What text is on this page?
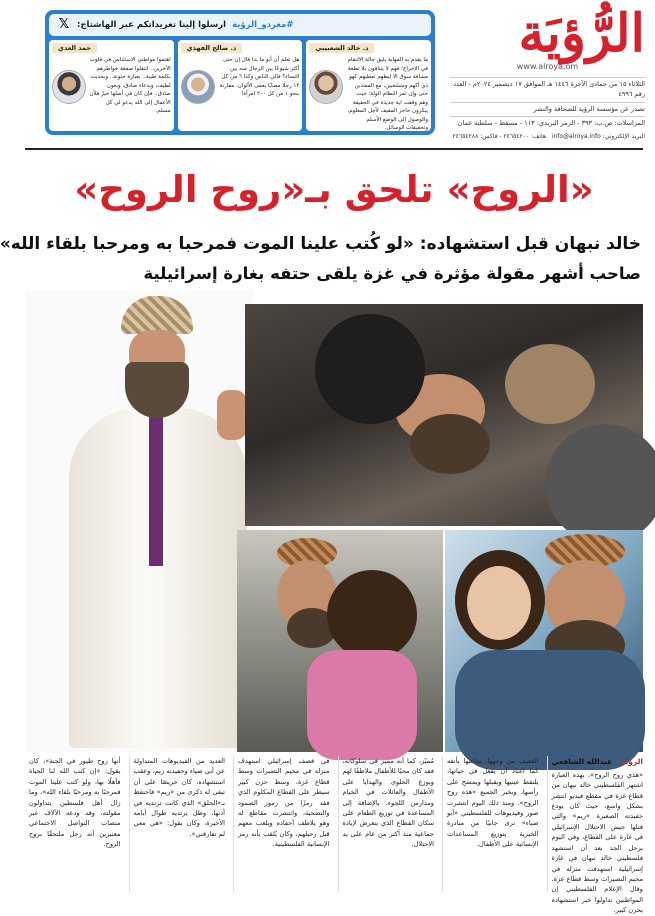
الرُّؤيَة
www.alroya.om
الثلاثاء ١٥ من جمادى الآخرة ١٤٤٦ هـ الموافق ١٧ ديسمبر ٢٠٢٤م - العدد رقم ٤٩٩٦
تصدر عن مؤسسة الرؤية للصحافة والنشر
المراسلات: ص.ب: ٣٩٣ - الرمز البريدي: ١١٣ - مسقط - سلطنة عمان
البريد الإلكتروني: info@alroya.info   هاتف: ٢٤٦٥٤٢٠٠ - فاكس: ٢٤٦٥٤٢٨٨
#مغردو_الرؤية
ارسلوا إلينا تغريداتكم عبر الهاشتاج:
𝕏
د. خالد الشعبيبي
ما يقدم به المهابة يليق جالة الالتقام في الإخراج؛ فهم لا يتنافون بلا تطعة مشافة سوق الا ليطهم تعطيهم كهو ذي أكهم ومتشعبين، مع المعتدين حتى وإن تمر النظام الولة؛ حيث وهم وقفت اية جديدة في الحقيقة يبكرون حاجز المقيف لأجل المعلوم، والوصول إلى الوضع الأسلم وتحقيقات الوسائل.
د. صالح الفهدي
هل تعلم أن أبو ما بدا قال إن حتى أكثر شيوعًا بين الرجال منه بين النساء؟ فالي الناس وكذا ٦ من كل ١٢ رجلًا مصابًا بعمى الألوان، مقارنة بنحو ١ من كل ٢٠٠ امرأة!
حمد العدي
اهتموا مواطني الاستثناس في قلوب الآخرين.. انتقلوا صفقة خواطرهم بكلمة طيبة.. بعبارة حنونة.. وبحديث لطيف، وبدعاء صادق، وبعون صادق.. فإن كان في أصلها خيرٌ فلأن الأعمال إلى الله يدعو لي كل مسلم.
«الروح» تلحق بـ«روح الروح»
خالد نبهان قبل استشهاده: «لو كُتب علينا الموت فمرحبا به ومرحبا بلقاء الله»
صاحب أشهر مقولة مؤثرة في غزة يلقى حتفه بغارة إسرائيلية
الرؤية
عبدالله الشافعي
«هذي روح الروح»، بهذه العبارة اشتهر الفلسطيني خالد نبهان من قطاع غزة في مقطع فيديو انتشر بشكل واسع، حيث كان يودع حفيدته الصغيرة «ريم» والتي قتلها جيش الاحتلال الإسرائيلي في غارة على القطاع، وفي اليوم يرحل الجد بعد أن استشهد فلسطيني خالد نبهان في غارة إسرائيلية استهدفت منزله في مخيم النصيرات وسط قطاع غزة. وقال الإعلام الفلسطيني إن المواطنين تداولوا خبر استشهاده بحزن كبير.
القصف من وجهها، بداعبها بأنفه كما اعتاد أن يفعل في حياتها، يلتقط عينيها ويقبلها ويمسح على رأسها، ويخبر الجميع «هذه روح الروح». ومنذ ذلك اليوم انتشرت صور وفيديوهات للفلسطيني «أبو ضياء» نرى جانبًا من مبادرة الخيرية بتوزيع المساعدات الإنسانية على الأطفال.
مُميّز، كما أنه مميز في سلوكاته، فقد كان محبًا للأطفال ملاطفًا لهم ويوزع الحلوى والهدايا على الأطفال والعائلات في الخيام ومدارس اللجوء، بالإضافة إلى المساعدة في توزيع الطعام على سكان القطاع الذي يتعرض لإبادة جماعية منذ أكثر من عام على يد الاحتلال.
في قصف إسرائيلي استهدف منزله في مخيم النصيرات وسط قطاع غزة، وسط حزن كبير سيطر على القطاع المكلوم الذي فقد رمزًا من رموز الصمود والتضحية، وانتشرت مقاطع له وهو يلاطف أحفاده ويلعب معهم قبل رحيلهم، وكان يُلقب بأنه رمز الإنسانية الفلسطينية.
العديد من الفيديوهات المتداولة عن أبي ضياء وحفيدته ريم، وعقب استشهاده، كان حريصًا على أن تبقى له ذكرى من «ريم» فاحتفظ بـ«الحلق» الذي كانت ترتديه في أذنها، وظل يرتديه طوال أيامه الأخيرة، وكان يقول: «هي معي لم تفارقني».
أنها روح طيور في الجنة»، كان يقول: «إن كتب الله لنا الحياة فأهلًا بها، ولو كتب علينا الموت فمرحبًا به ومرحبًا بلقاء الله»، وما زال أهل فلسطين يتداولون مقولته، وقد ودعه الآلاف عبر منصات التواصل الاجتماعي معتبرين أنه رحل ملتحقًا بروح الروح.
